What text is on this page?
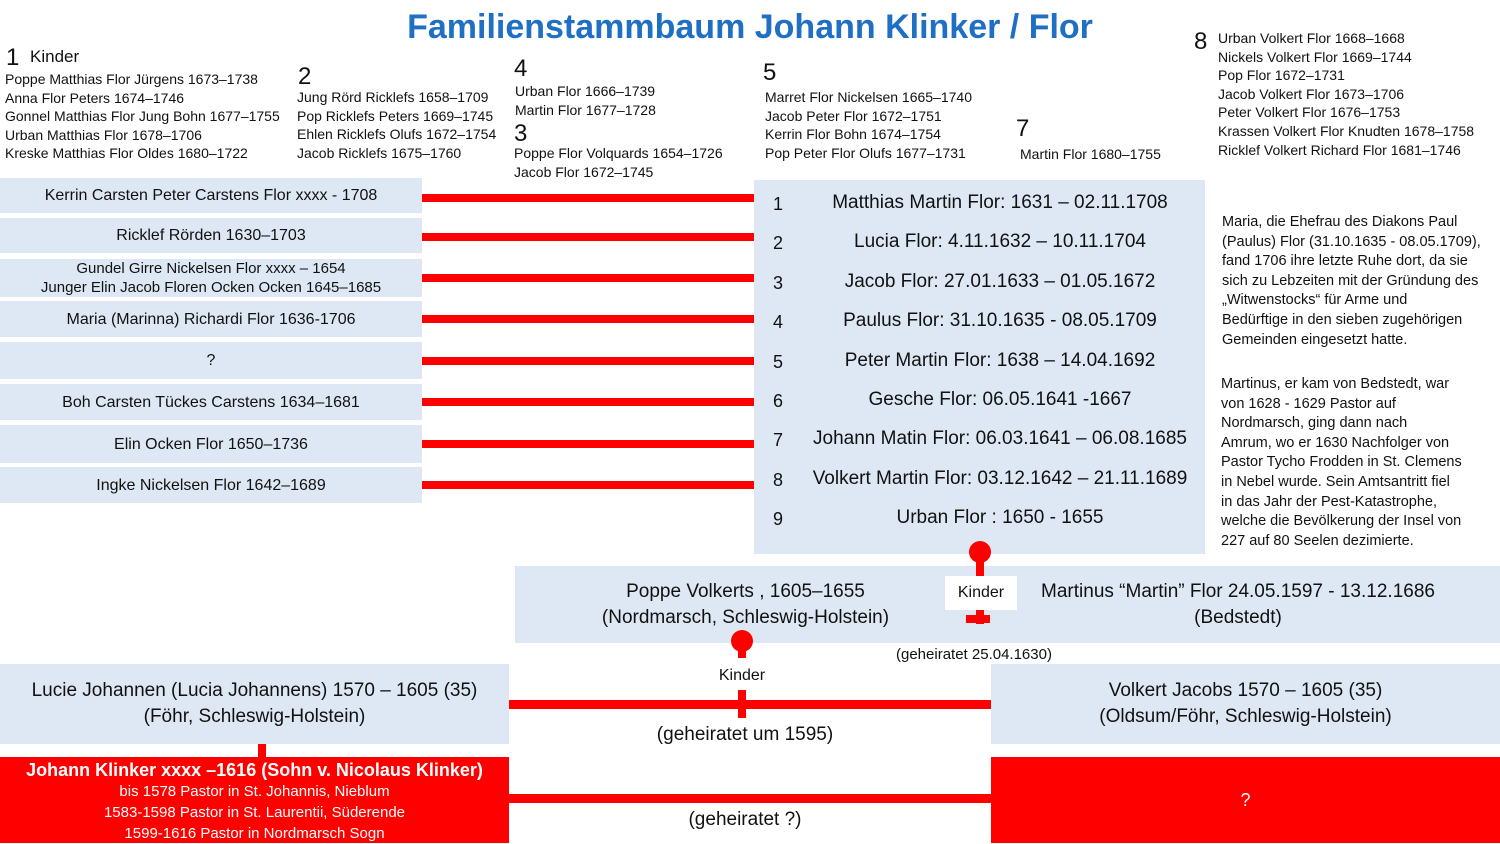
Familienstammbaum Johann Klinker / Flor
1 Kinder
Poppe Matthias Flor Jürgens 1673–1738
Anna Flor Peters 1674–1746
Gonnel Matthias Flor Jung Bohn 1677–1755
Urban Matthias Flor 1678–1706
Kreske Matthias Flor Oldes 1680–1722
2
Jung Rörd Ricklefs 1658–1709
Pop Ricklefs Peters 1669–1745
Ehlen Ricklefs Olufs 1672–1754
Jacob Ricklefs 1675–1760
4
Urban Flor 1666–1739
Martin Flor 1677–1728
3
Poppe Flor Volquards 1654–1726
Jacob Flor 1672–1745
5
Marret Flor Nickelsen 1665–1740
Jacob Peter Flor 1672–1751
Kerrin Flor Bohn 1674–1754
Pop Peter Flor Olufs 1677–1731
7
Martin Flor 1680–1755
8 Urban Volkert Flor 1668–1668
Nickels Volkert Flor 1669–1744
Pop Flor 1672–1731
Jacob Volkert Flor 1673–1706
Peter Volkert Flor 1676–1753
Krassen Volkert Flor Knudten 1678–1758
Ricklef Volkert Richard Flor 1681–1746
Kerrin Carsten Peter Carstens Flor xxxx - 1708
Ricklef Rörden 1630–1703
Gundel Girre Nickelsen Flor xxxx – 1654
Junger Elin Jacob Floren Ocken Ocken 1645–1685
Maria (Marinna) Richardi Flor 1636-1706
?
Boh Carsten Tückes Carstens 1634–1681
Elin Ocken Flor 1650–1736
Ingke Nickelsen Flor 1642–1689
1	Matthias Martin Flor: 1631 – 02.11.1708
2	Lucia Flor: 4.11.1632 – 10.11.1704
3	Jacob Flor: 27.01.1633 – 01.05.1672
4	Paulus Flor: 31.10.1635 - 08.05.1709
5	Peter Martin Flor: 1638 – 14.04.1692
6	Gesche Flor: 06.05.1641 -1667
7	Johann Matin Flor: 06.03.1641 – 06.08.1685
8	Volkert Martin Flor: 03.12.1642 – 21.11.1689
9	Urban Flor : 1650 - 1655
Maria, die Ehefrau des Diakons Paul
(Paulus) Flor (31.10.1635 - 08.05.1709),
fand 1706 ihre letzte Ruhe dort, da sie
sich zu Lebzeiten mit der Gründung des
„Witwenstocks“ für Arme und
Bedürftige in den sieben zugehörigen
Gemeinden eingesetzt hatte.
Martinus, er kam von Bedstedt, war
von 1628 - 1629 Pastor auf
Nordmarsch, ging dann nach
Amrum, wo er 1630 Nachfolger von
Pastor Tycho Frodden in St. Clemens
in Nebel wurde. Sein Amtsantritt fiel
in das Jahr der Pest-Katastrophe,
welche die Bevölkerung der Insel von
227 auf 80 Seelen dezimierte.
Poppe Volkerts , 1605–1655
(Nordmarsch, Schleswig-Holstein)
Martinus “Martin” Flor 24.05.1597 - 13.12.1686
(Bedstedt)
Kinder
(geheiratet 25.04.1630)
Lucie Johannen (Lucia Johannens) 1570 – 1605 (35)
(Föhr, Schleswig-Holstein)
Volkert Jacobs 1570 – 1605 (35)
(Oldsum/Föhr, Schleswig-Holstein)
Kinder
(geheiratet um 1595)
Johann Klinker xxxx –1616 (Sohn v. Nicolaus Klinker)
bis 1578 Pastor in St. Johannis, Nieblum
1583-1598 Pastor in St. Laurentii, Süderende
1599-1616 Pastor in Nordmarsch Sogn
?
(geheiratet ?)
